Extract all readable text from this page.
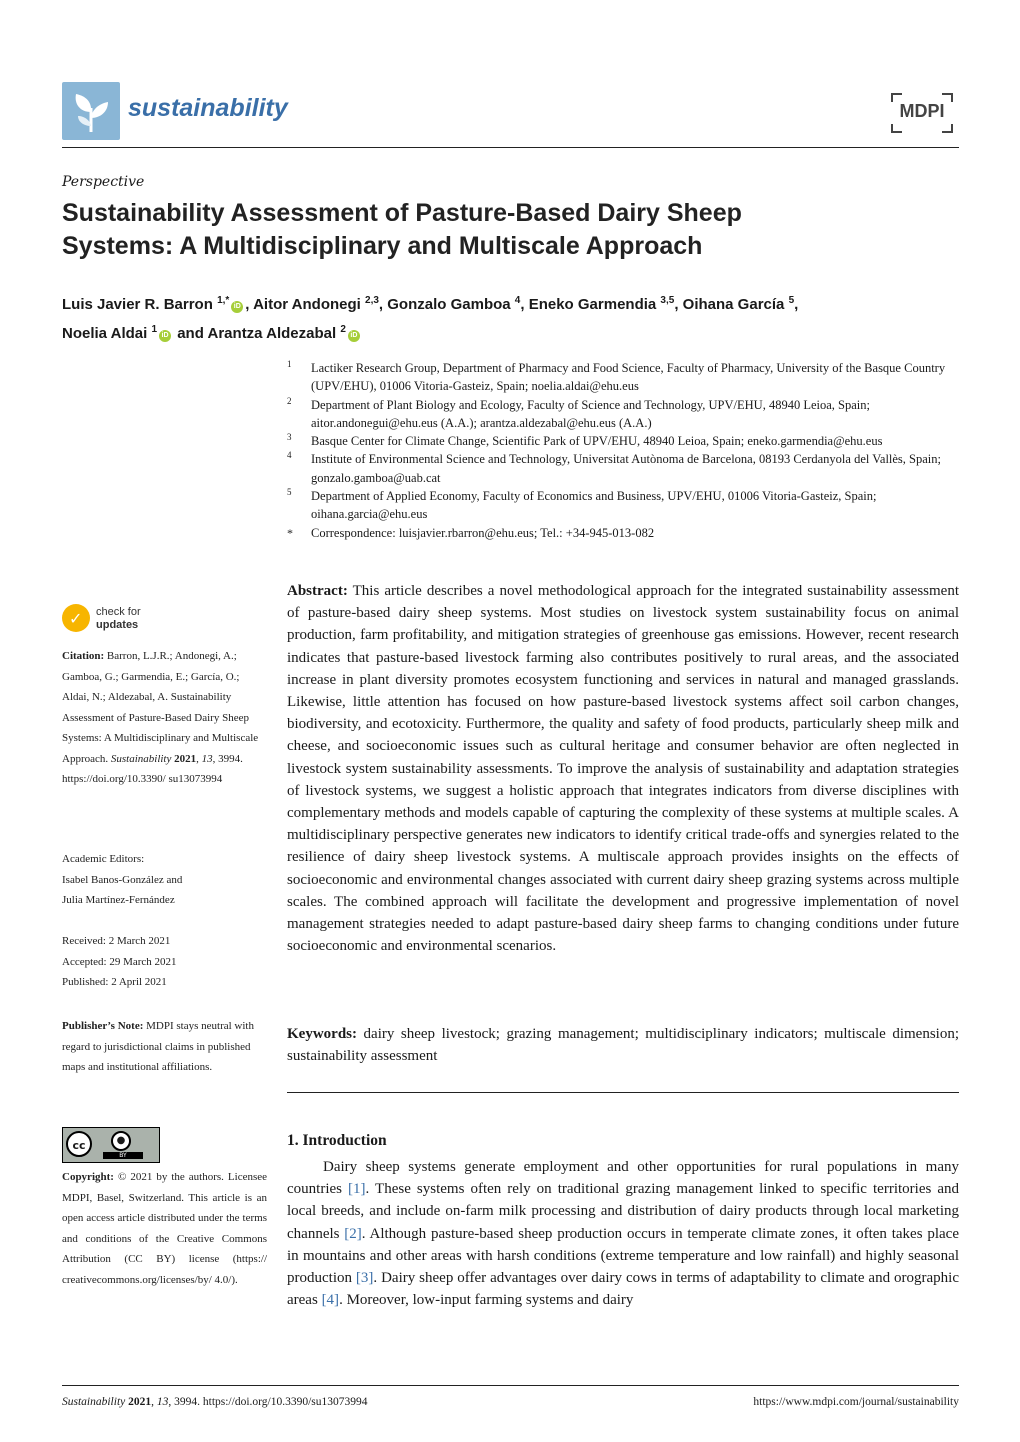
sustainability	MDPI
Perspective
Sustainability Assessment of Pasture-Based Dairy Sheep
Systems: A Multidisciplinary and Multiscale Approach
Luis Javier R. Barron $^{1,*}$iD , Aitor Andonegi $^{2,3}$, Gonzalo Gamboa $^4$, Eneko Garmendia $^{3,5}$, Oihana García $^5$,
Noelia Aldai $^1$iD and Arantza Aldezabal $^2$iD
1 Lactiker Research Group, Department of Pharmacy and Food Science, Faculty of Pharmacy, University of the Basque Country (UPV/EHU), 01006 Vitoria-Gasteiz, Spain; noelia.aldai@ehu.eus
2 Department of Plant Biology and Ecology, Faculty of Science and Technology, UPV/EHU, 48940 Leioa, Spain; aitor.andonegui@ehu.eus (A.A.); arantza.aldezabal@ehu.eus (A.A.)
3 Basque Center for Climate Change, Scientific Park of UPV/EHU, 48940 Leioa, Spain; eneko.garmendia@ehu.eus
4 Institute of Environmental Science and Technology, Universitat Autònoma de Barcelona, 08193 Cerdanyola del Vallès, Spain; gonzalo.gamboa@uab.cat
5 Department of Applied Economy, Faculty of Economics and Business, UPV/EHU, 01006 Vitoria-Gasteiz, Spain; oihana.garcia@ehu.eus
* Correspondence: luisjavier.rbarron@ehu.eus; Tel.: +34-945-013-082
✓ check for
updates
Citation: Barron, L.J.R.; Andonegi, A.; Gamboa, G.; Garmendia, E.; García, O.; Aldai, N.; Aldezabal, A. Sustainability Assessment of Pasture-Based Dairy Sheep Systems: A Multidisciplinary and Multiscale Approach. Sustainability 2021, 13, 3994. https://doi.org/10.3390/ su13073994
Academic Editors:
Isabel Banos-González and
Julia Martínez-Fernández
Received: 2 March 2021
Accepted: 29 March 2021
Published: 2 April 2021
Publisher’s Note: MDPI stays neutral with regard to jurisdictional claims in published maps and institutional affiliations.
cc	●
BY
Copyright: © 2021 by the authors. Licensee MDPI, Basel, Switzerland. This article is an open access article distributed under the terms and conditions of the Creative Commons Attribution (CC BY) license (https:// creativecommons.org/licenses/by/ 4.0/).
Abstract: This article describes a novel methodological approach for the integrated sustainability assessment of pasture-based dairy sheep systems. Most studies on livestock system sustainability focus on animal production, farm profitability, and mitigation strategies of greenhouse gas emissions. However, recent research indicates that pasture-based livestock farming also contributes positively to rural areas, and the associated increase in plant diversity promotes ecosystem functioning and services in natural and managed grasslands. Likewise, little attention has focused on how pasture-based livestock systems affect soil carbon changes, biodiversity, and ecotoxicity. Furthermore, the quality and safety of food products, particularly sheep milk and cheese, and socioeconomic issues such as cultural heritage and consumer behavior are often neglected in livestock system sustainability assessments. To improve the analysis of sustainability and adaptation strategies of livestock systems, we suggest a holistic approach that integrates indicators from diverse disciplines with complementary methods and models capable of capturing the complexity of these systems at multiple scales. A multidisciplinary perspective generates new indicators to identify critical trade-offs and synergies related to the resilience of dairy sheep livestock systems. A multiscale approach provides insights on the effects of socioeconomic and environmental changes associated with current dairy sheep grazing systems across multiple scales. The combined approach will facilitate the development and progressive implementation of novel management strategies needed to adapt pasture-based dairy sheep farms to changing conditions under future socioeconomic and environmental scenarios.
Keywords: dairy sheep livestock; grazing management; multidisciplinary indicators; multiscale dimension; sustainability assessment
1. Introduction
Dairy sheep systems generate employment and other opportunities for rural populations in many countries [1]. These systems often rely on traditional grazing management linked to specific territories and local breeds, and include on-farm milk processing and distribution of dairy products through local marketing channels [2]. Although pasture-based sheep production occurs in temperate climate zones, it often takes place in mountains and other areas with harsh conditions (extreme temperature and low rainfall) and highly seasonal production [3]. Dairy sheep offer advantages over dairy cows in terms of adaptability to climate and orographic areas [4]. Moreover, low-input farming systems and dairy
Sustainability 2021, 13, 3994. https://doi.org/10.3390/su13073994	https://www.mdpi.com/journal/sustainability
